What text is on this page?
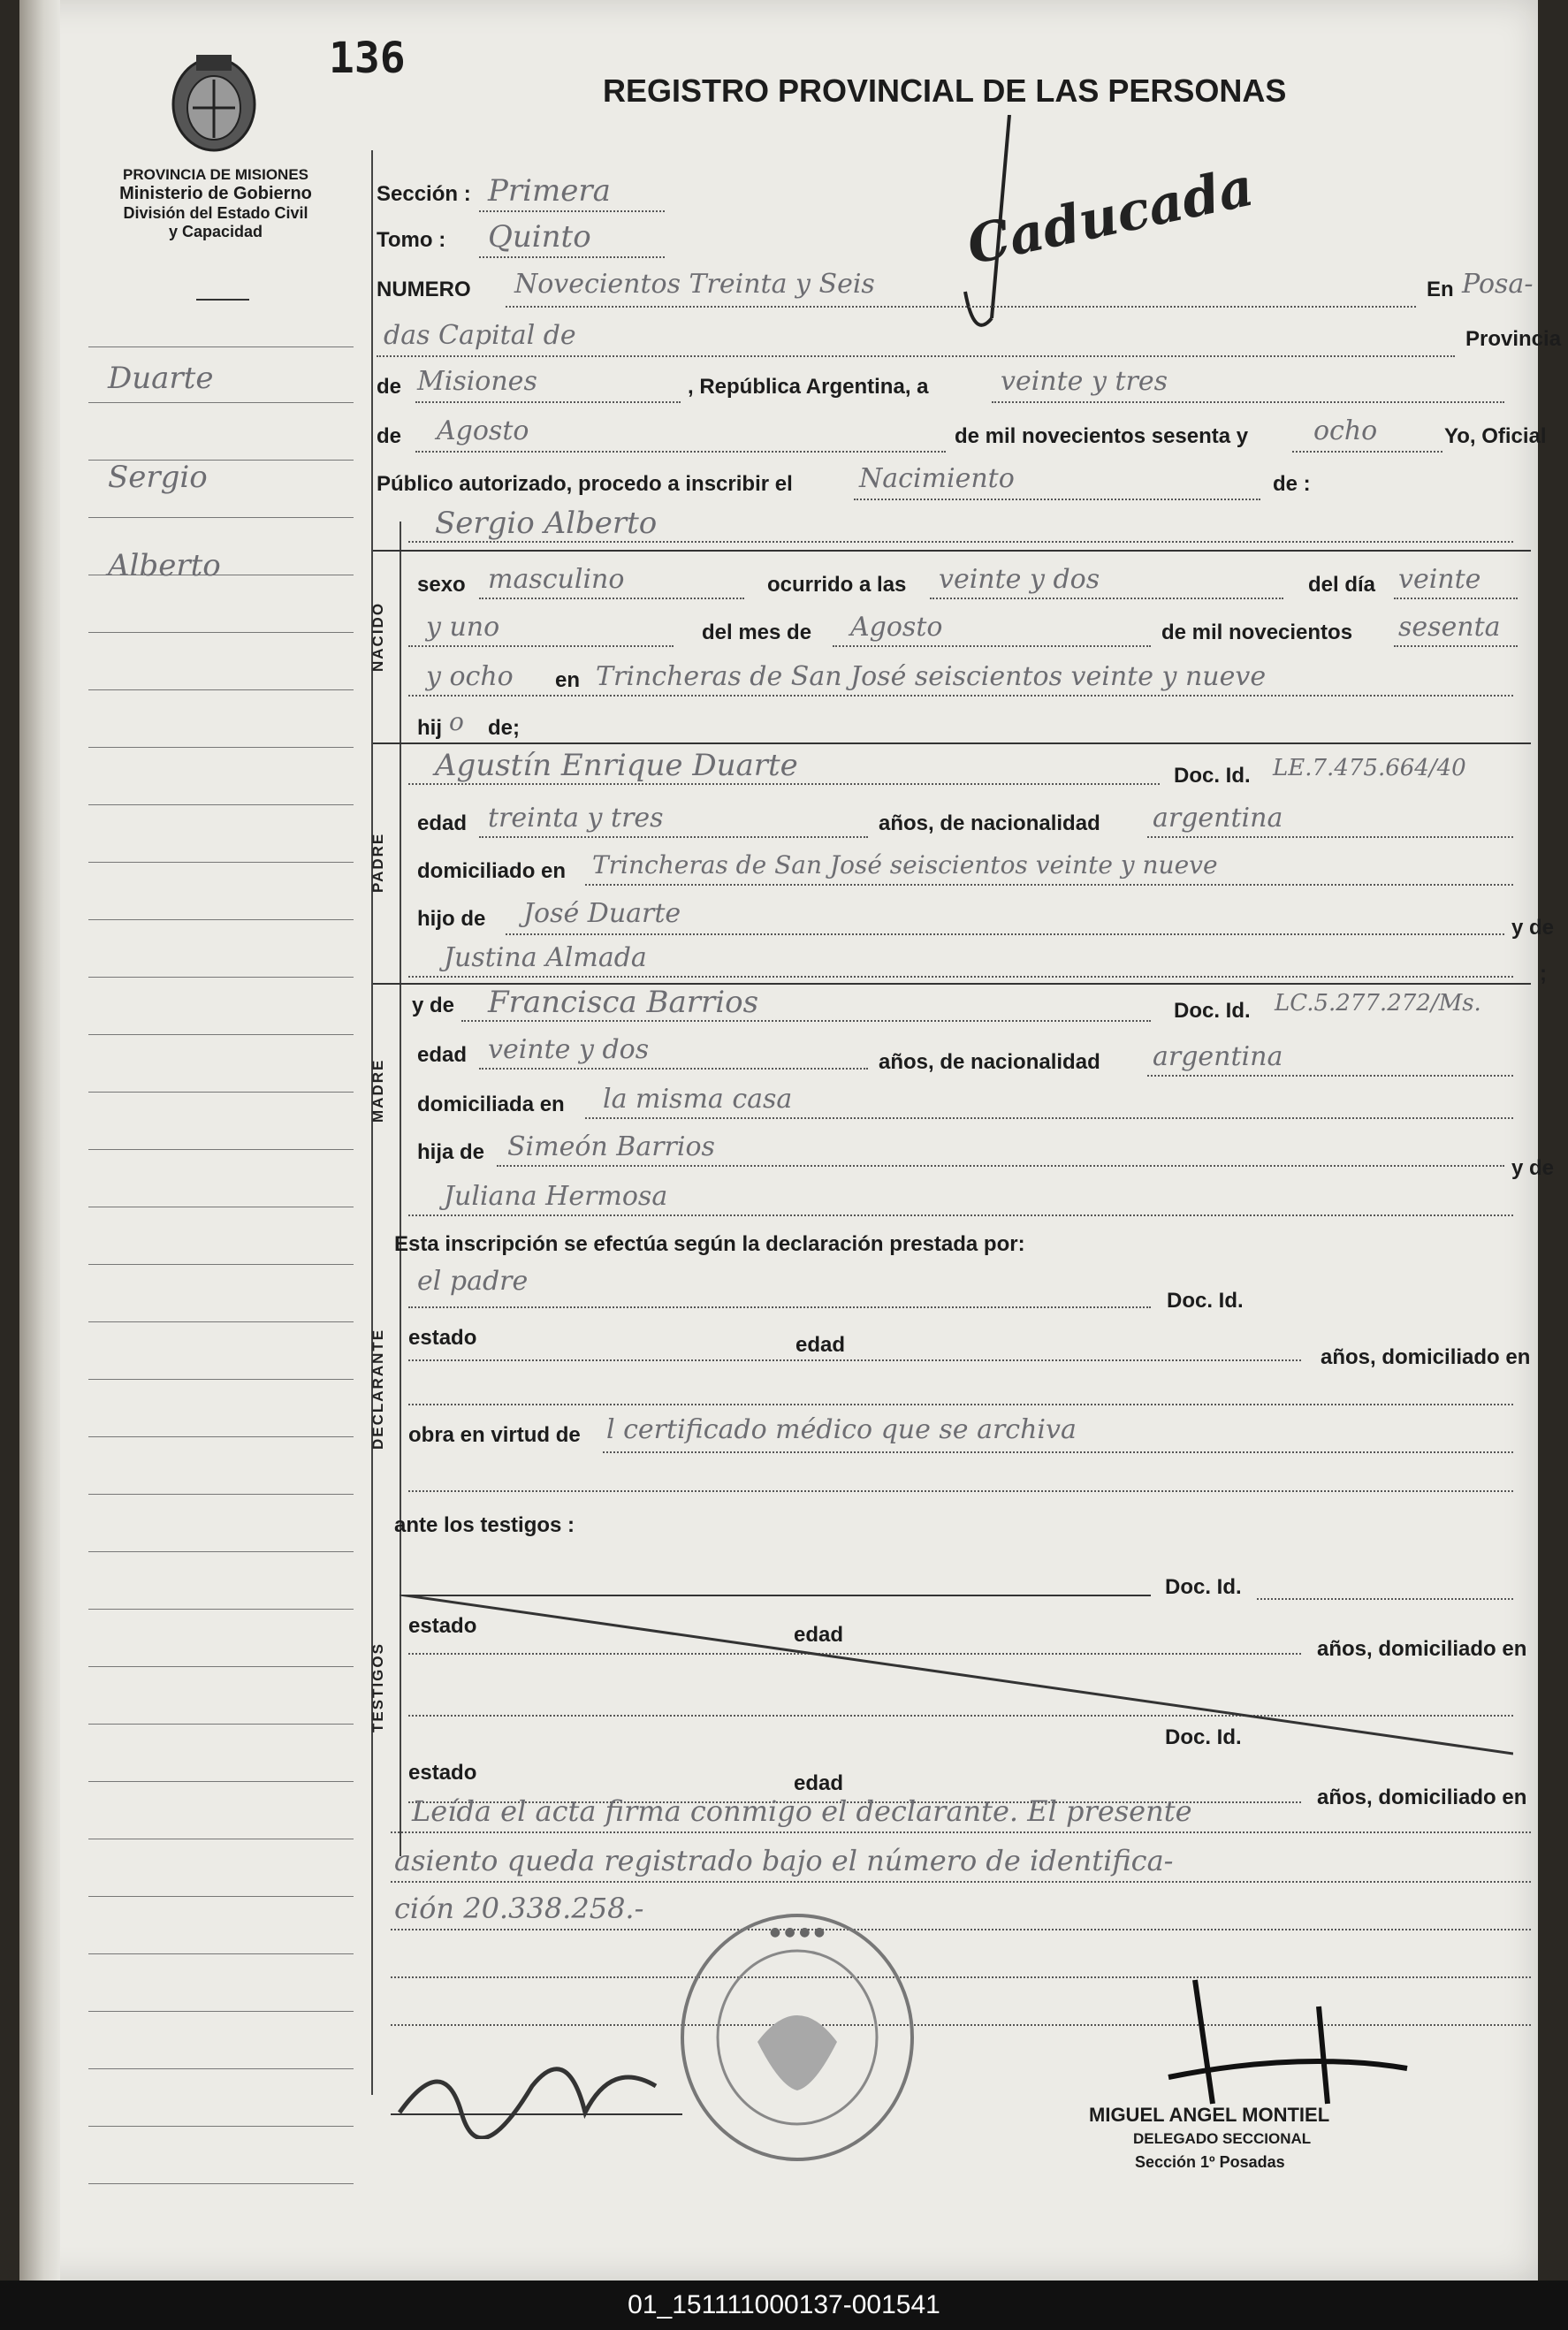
136
REGISTRO PROVINCIAL DE LAS PERSONAS
PROVINCIA DE MISIONES
Ministerio de Gobierno
División del Estado Civil
y Capacidad	Caducada
Duarte
Sergio
Alberto
Sección : Primera
Tomo : Quinto
NUMERO Novecientos Treinta y Seis	En Posa-
das Capital de	Provincia
de Misiones	, República Argentina, a	veinte y tres
de Agosto	de mil novecientos sesenta y ocho	Yo, Oficial
Público autorizado, procedo a inscribir el	Nacimiento	de :
NACIDO
Sergio Alberto
sexo masculino	ocurrido a las veinte y dos	del día veinte
y uno	del mes de Agosto	de mil novecientos sesenta
y ocho en Trincheras de San José seiscientos veinte y nueve
hij o de;
PADRE
Agustín Enrique Duarte	Doc. Id. LE.7.475.664/40
edad treinta y tres	años, de nacionalidad argentina
domiciliado en Trincheras de San José seiscientos veinte y nueve
hijo de José Duarte
Justina Almada
y de
;
MADRE
y de Francisca Barrios	Doc. Id. LC.5.277.272/Ms.
edad veinte y dos	años, de nacionalidad argentina
domiciliada en la misma casa
hija de Simeón Barrios
y de
Juliana Hermosa
Esta inscripción se efectúa según la declaración prestada por:
DECLARANTE
el padre
Doc. Id.
estado	edad
años, domiciliado en
obra en virtud de l certificado médico que se archiva
ante los testigos :
TESTIGOS
Doc. Id.
estado	edad
años, domiciliado en
Doc. Id.
estado	edad
años, domiciliado en
Leída el acta firma conmigo el declarante. El presente
asiento queda registrado bajo el número de identifica-
ción 20.338.258.-
● ● ● ●
MIGUEL ANGEL MONTIEL
DELEGADO SECCIONAL
Sección 1º Posadas
01_151111000137-001541
